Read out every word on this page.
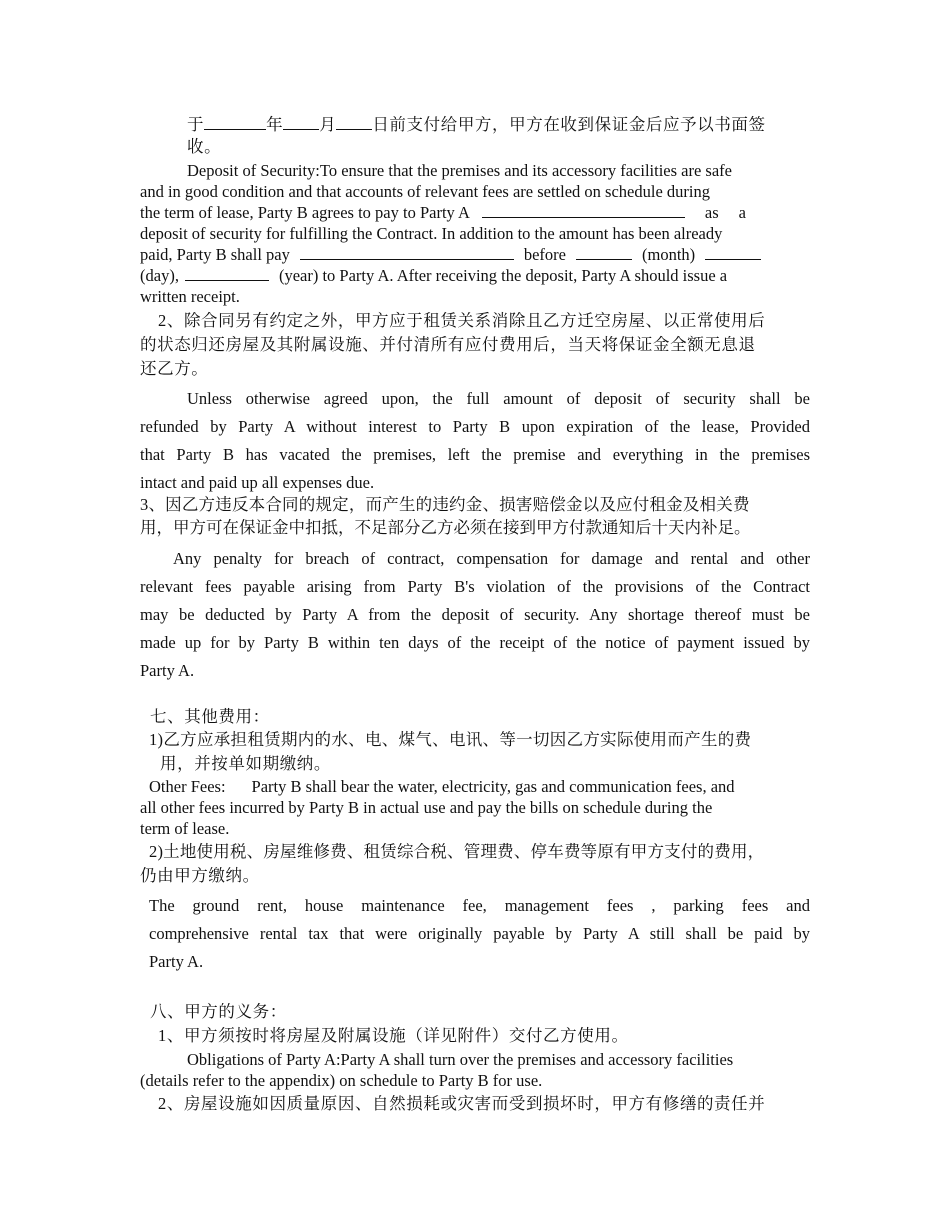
于	年 月 日前支付给甲方，甲方在收到保证金后应予以书面签
收。
Deposit of Security:To ensure that the premises and its accessory facilities are safe
and in good condition and that accounts of relevant fees are settled on schedule during
the term of lease, Party B agrees to pay to Party A	as a
deposit of security for fulfilling the Contract. In addition to the amount has been already
paid, Party B shall pay	before	(month)
(day),	(year) to Party A. After receiving the deposit, Party A should issue a
written receipt.
2、除合同另有约定之外，甲方应于租赁关系消除且乙方迁空房屋、以正常使用后
的状态归还房屋及其附属设施、并付清所有应付费用后，当天将保证金全额无息退
还乙方。
Unless otherwise agreed upon, the full amount of deposit of security shall be
refunded by Party A without interest to Party B upon expiration of the lease, Provided
that Party B has vacated the premises, left the premise and everything in the premises
intact and paid up all expenses due.
3、因乙方违反本合同的规定，而产生的违约金、损害赔偿金以及应付租金及相关费
用，甲方可在保证金中扣抵，不足部分乙方必须在接到甲方付款通知后十天内补足。
Any penalty for breach of contract, compensation for damage and rental and other
relevant fees payable arising from Party B's violation of the provisions of the Contract
may be deducted by Party A from the deposit of security. Any shortage thereof must be
made up for by Party B within ten days of the receipt of the notice of payment issued by
Party A.
七、其他费用：
1)乙方应承担租赁期内的水、电、煤气、电讯、等一切因乙方实际使用而产生的费
用，并按单如期缴纳。
Other Fees: Party B shall bear the water, electricity, gas and communication fees, and
all other fees incurred by Party B in actual use and pay the bills on schedule during the
term of lease.
2)土地使用税、房屋维修费、租赁综合税、管理费、停车费等原有甲方支付的费用，
仍由甲方缴纳。
The ground rent, house maintenance fee, management fees , parking fees and
comprehensive rental tax that were originally payable by Party A still shall be paid by
Party A.
八、甲方的义务：
1、甲方须按时将房屋及附属设施（详见附件）交付乙方使用。
Obligations of Party A:Party A shall turn over the premises and accessory facilities
(details refer to the appendix) on schedule to Party B for use.
2、房屋设施如因质量原因、自然损耗或灾害而受到损坏时，甲方有修缮的责任并
